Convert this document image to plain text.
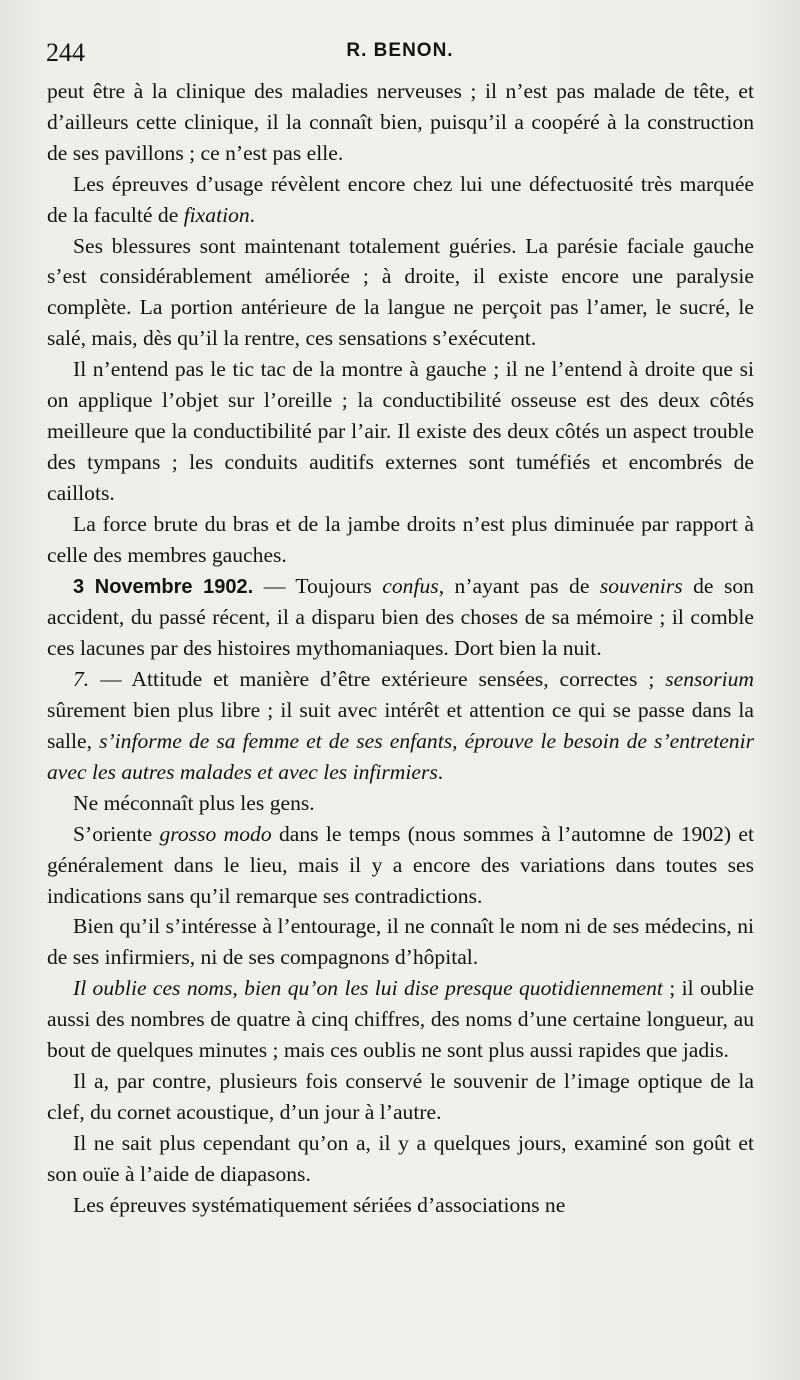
244	R. BENON.

peut être à la clinique des maladies nerveuses ; il n’est pas malade de tête, et d’ailleurs cette clinique, il la connaît bien, puisqu’il a coopéré à la construction de ses pavillons ; ce n’est pas elle.

Les épreuves d’usage révèlent encore chez lui une défectuosité très marquée de la faculté de fixation.

Ses blessures sont maintenant totalement guéries. La parésie faciale gauche s’est considérablement améliorée ; à droite, il existe encore une paralysie complète. La portion antérieure de la langue ne perçoit pas l’amer, le sucré, le salé, mais, dès qu’il la rentre, ces sensations s’exécutent.

Il n’entend pas le tic tac de la montre à gauche ; il ne l’entend à droite que si on applique l’objet sur l’oreille ; la conductibilité osseuse est des deux côtés meilleure que la conductibilité par l’air. Il existe des deux côtés un aspect trouble des tympans ; les conduits auditifs externes sont tuméfiés et encombrés de caillots.

La force brute du bras et de la jambe droits n’est plus diminuée par rapport à celle des membres gauches.

3 Novembre 1902. — Toujours confus, n’ayant pas de souvenirs de son accident, du passé récent, il a disparu bien des choses de sa mémoire ; il comble ces lacunes par des histoires mythomaniaques. Dort bien la nuit.

7. — Attitude et manière d’être extérieure sensées, correctes ; sensorium sûrement bien plus libre ; il suit avec intérêt et attention ce qui se passe dans la salle, s’informe de sa femme et de ses enfants, éprouve le besoin de s’entretenir avec les autres malades et avec les infirmiers.

Ne méconnaît plus les gens.

S’oriente grosso modo dans le temps (nous sommes à l’automne de 1902) et généralement dans le lieu, mais il y a encore des variations dans toutes ses indications sans qu’il remarque ses contradictions.

Bien qu’il s’intéresse à l’entourage, il ne connaît le nom ni de ses médecins, ni de ses infirmiers, ni de ses compagnons d’hôpital.

Il oublie ces noms, bien qu’on les lui dise presque quotidiennement ; il oublie aussi des nombres de quatre à cinq chiffres, des noms d’une certaine longueur, au bout de quelques minutes ; mais ces oublis ne sont plus aussi rapides que jadis.

Il a, par contre, plusieurs fois conservé le souvenir de l’image optique de la clef, du cornet acoustique, d’un jour à l’autre.

Il ne sait plus cependant qu’on a, il y a quelques jours, examiné son goût et son ouïe à l’aide de diapasons.

Les épreuves systématiquement sériées d’associations ne
